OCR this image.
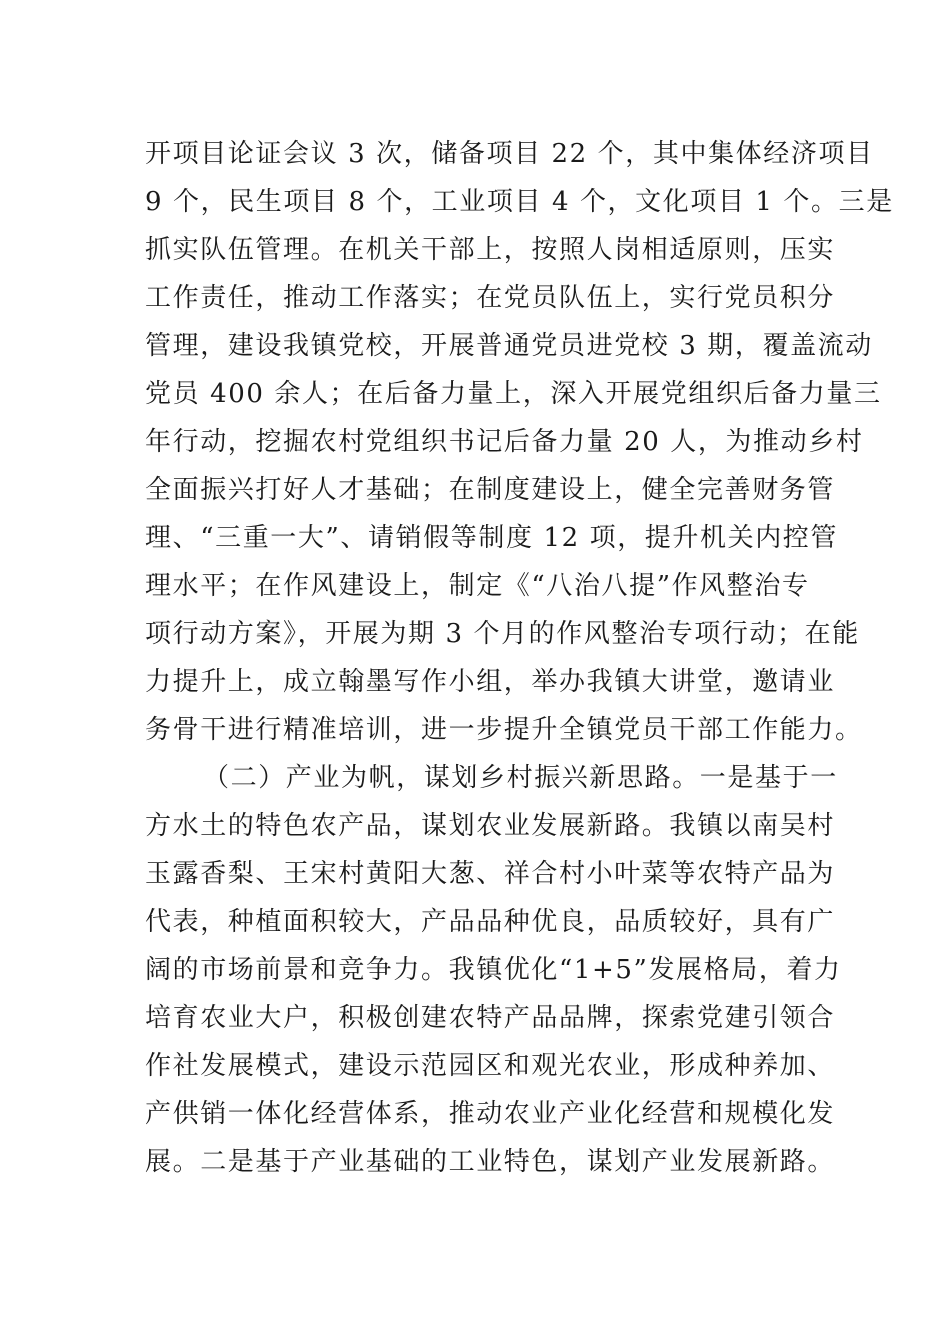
开项目论证会议 3 次，储备项目 22 个，其中集体经济项目
9 个，民生项目 8 个，工业项目 4 个，文化项目 1 个。三是
抓实队伍管理。在机关干部上，按照人岗相适原则，压实
工作责任，推动工作落实；在党员队伍上，实行党员积分
管理，建设我镇党校，开展普通党员进党校 3 期，覆盖流动
党员 400 余人；在后备力量上，深入开展党组织后备力量三
年行动，挖掘农村党组织书记后备力量 20 人，为推动乡村
全面振兴打好人才基础；在制度建设上，健全完善财务管
理、“三重一大”、请销假等制度 12 项，提升机关内控管
理水平；在作风建设上，制定《“八治八提”作风整治专
项行动方案》，开展为期 3 个月的作风整治专项行动；在能
力提升上，成立翰墨写作小组，举办我镇大讲堂，邀请业
务骨干进行精准培训，进一步提升全镇党员干部工作能力。
（二）产业为帆，谋划乡村振兴新思路。一是基于一
方水土的特色农产品，谋划农业发展新路。我镇以南吴村
玉露香梨、王宋村黄阳大葱、祥合村小叶菜等农特产品为
代表，种植面积较大，产品品种优良，品质较好，具有广
阔的市场前景和竞争力。我镇优化“1+5”发展格局，着力
培育农业大户，积极创建农特产品品牌，探索党建引领合
作社发展模式，建设示范园区和观光农业，形成种养加、
产供销一体化经营体系，推动农业产业化经营和规模化发
展。二是基于产业基础的工业特色，谋划产业发展新路。
